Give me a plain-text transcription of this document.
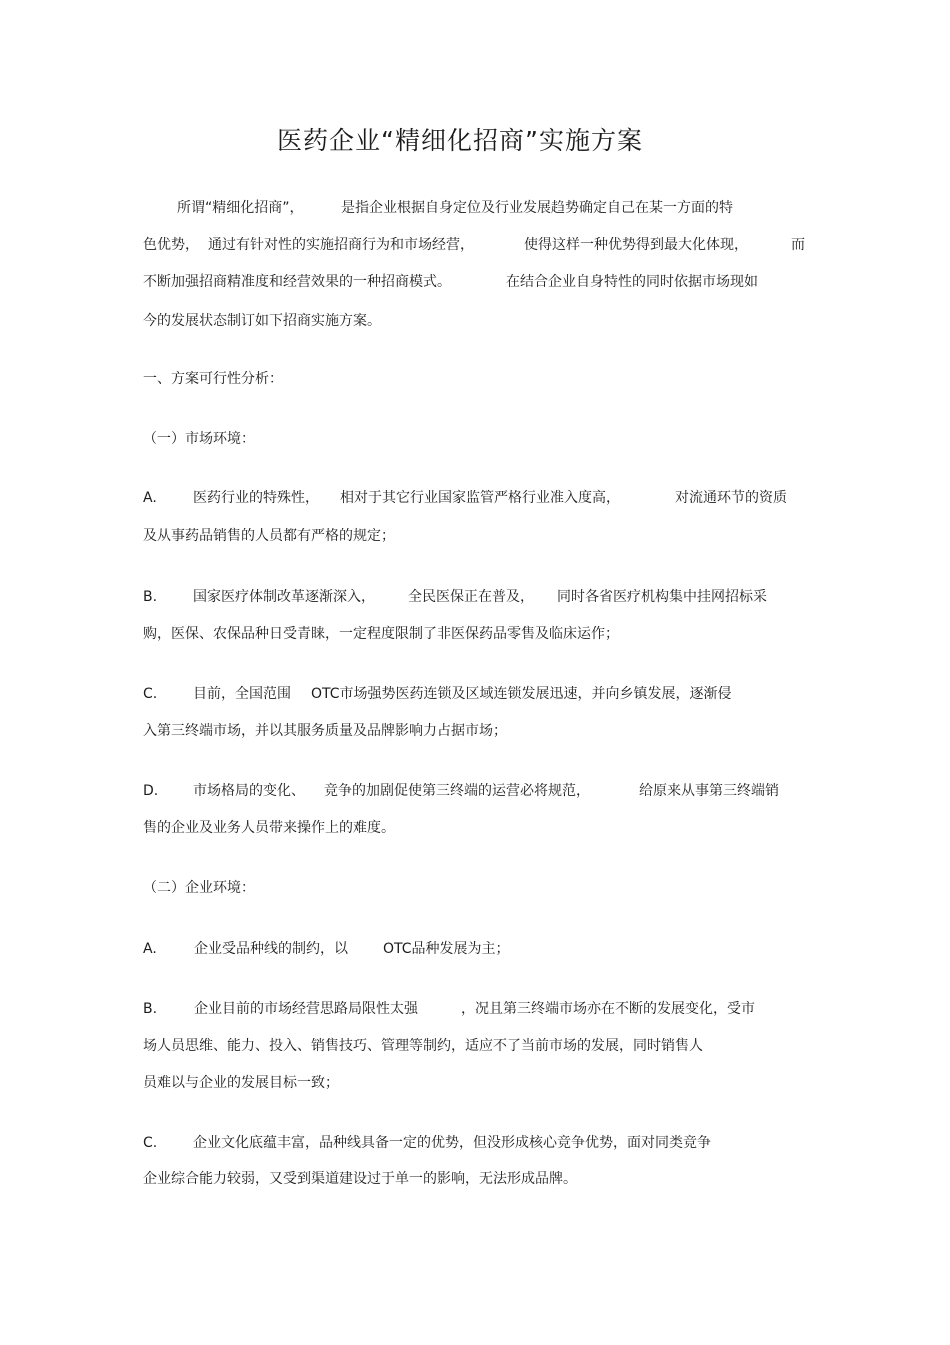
医药企业“精细化招商”实施方案

所谓“精细化招商”，

	是指企业根据自身定位及行业发展趋势确定自己在某一方面的特

色优势，

通过有针对性的实施招商行为和市场经营，

	使得这样一种优势得到最大化体现，

	而

不断加强招商精准度和经营效果的一种招商模式。

	在结合企业自身特性的同时依据市场现如

今的发展状态制订如下招商实施方案。

一、方案可行性分析：

（一）市场环境：

A.

	医药行业的特殊性，

相对于其它行业国家监管严格行业准入度高，

	对流通环节的资质

及从事药品销售的人员都有严格的规定；

B.

	国家医疗体制改革逐渐深入，

全民医保正在普及，

同时各省医疗机构集中挂网招标采

购，医保、农保品种日受青睐，一定程度限制了非医保药品零售及临床运作；

C.

	目前，全国范围

OTC市场强势医药连锁及区域连锁发展迅速，并向乡镇发展，逐渐侵

入第三终端市场，并以其服务质量及品牌影响力占据市场；

D.

市场格局的变化、

竞争的加剧促使第三终端的运营必将规范，

	给原来从事第三终端销

售的企业及业务人员带来操作上的难度。

（二）企业环境：

A.

	企业受品种线的制约，以

	OTC品种发展为主；

B.

	企业目前的市场经营思路局限性太强

	，况且第三终端市场亦在不断的发展变化，受市

场人员思维、能力、投入、销售技巧、管理等制约，适应不了当前市场的发展，同时销售人

员难以与企业的发展目标一致；

C.

	企业文化底蕴丰富，品种线具备一定的优势，但没形成核心竞争优势，面对同类竞争

企业综合能力较弱，又受到渠道建设过于单一的影响，无法形成品牌。
